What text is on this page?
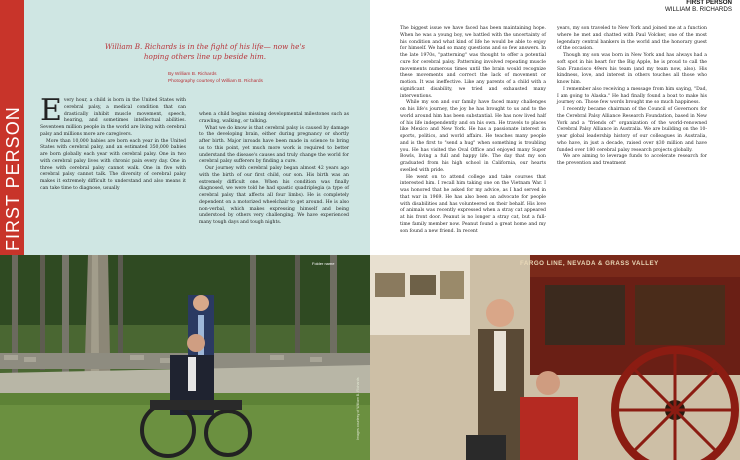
FIRST PERSON
William B. Richards is in the fight of his life— now he's hoping others line up beside him.
By William B. Richards
Photography courtesy of William B. Richards

Every hour, a child is born in the United States with cerebral palsy, a medical condition that can drastically inhibit muscle movement, speech, hearing, and sometimes intellectual abilities. Seventeen million people in the world are living with cerebral palsy and millions more are caregivers.

More than 10,000 babies are born each year in the United States with cerebral palsy, and an estimated 350,000 babies are born globally each year with cerebral palsy. One in two with cerebral palsy lives with chronic pain every day. One in three with cerebral palsy cannot walk. One in five with cerebral palsy cannot talk. The diversity of cerebral palsy makes it extremely difficult to understand and also means it can take time to diagnose, usually

when a child begins missing developmental milestones such as crawling, walking, or talking.

What we do know is that cerebral palsy is caused by damage to the developing brain, either during pregnancy or shortly after birth. Major inroads have been made in science to bring us to this point, yet much more work is required to better understand the disease's causes and truly change the world for cerebral palsy sufferers by finding a cure.

Our journey with cerebral palsy began almost 42 years ago with the birth of our first child, our son. His birth was an extremely difficult one. When his condition was finally diagnosed, we were told he had spastic quadriplegia (a type of cerebral palsy that affects all four limbs). He is completely dependent on a motorized wheelchair to get around. He is also non-verbal, which makes expressing himself and being understood by others very challenging. We have experienced many tough days and tough nights.

Folder name	FARGO LINE, NEVADA & GRASS VALLEY
FIRST PERSON
WILLIAM B. RICHARDS

The biggest issue we have faced has been maintaining hope. When he was a young boy, we battled with the uncertainty of his condition and what kind of life he would be able to enjoy for himself. We had so many questions and so few answers. In the late 1970s, "patterning" was thought to offer a potential cure for cerebral palsy. Patterning involved repeating muscle movements numerous times until the brain would recognize these movements and correct the lack of movement or motion. It was ineffective. Like any parents of a child with a significant disability, we tried and exhausted many interventions.

While my son and our family have faced many challenges on his life's journey, the joy he has brought to us and to the world around him has been substantial. He has now lived half of his life independently and on his own. He travels to places like Mexico and New York. He has a passionate interest in sports, politics, and world affairs. He teaches many people and is the first to "send a hug" when something is troubling you. He has visited the Oval Office and enjoyed many Super Bowls, living a full and happy life. The day that my son graduated from his high school in California, our hearts swelled with pride.

He went on to attend college and take courses that interested him. I recall him taking one on the Vietnam War. I was honored that he asked for my advice, as I had served in that war in 1969. He has also been an advocate for people with disabilities and has volunteered on their behalf. His love of animals was recently expressed when a stray cat appeared at his front door. Peanut is no longer a stray cat, but a full-time family member now. Peanut found a great home and my son found a new friend. In recent

years, my son traveled to New York and joined me at a function where he met and chatted with Paul Volcker, one of the most legendary central bankers in the world and the honorary guest of the occasion.

Though my son was born in New York and has always had a soft spot in his heart for the Big Apple, he is proud to call the San Francisco 49ers his team (and my team now, also). His kindness, love, and interest in others touches all those who know him.

I remember also receiving a message from him saying, "Dad, I am going to Alaska." He had finally found a boat to make his journey on. Those few words brought me so much happiness.

I recently became chairman of the Council of Governors for the Cerebral Palsy Alliance Research Foundation, based in New York and a "friends of" organization of the world-renowned Cerebral Palsy Alliance in Australia. We are building on the 10-year global leadership history of our colleagues in Australia, who have, in just a decade, raised over $30 million and have funded over 180 cerebral palsy research projects globally.

We are aiming to leverage funds to accelerate research for the prevention and treatment

Images courtesy of William B. Richards
